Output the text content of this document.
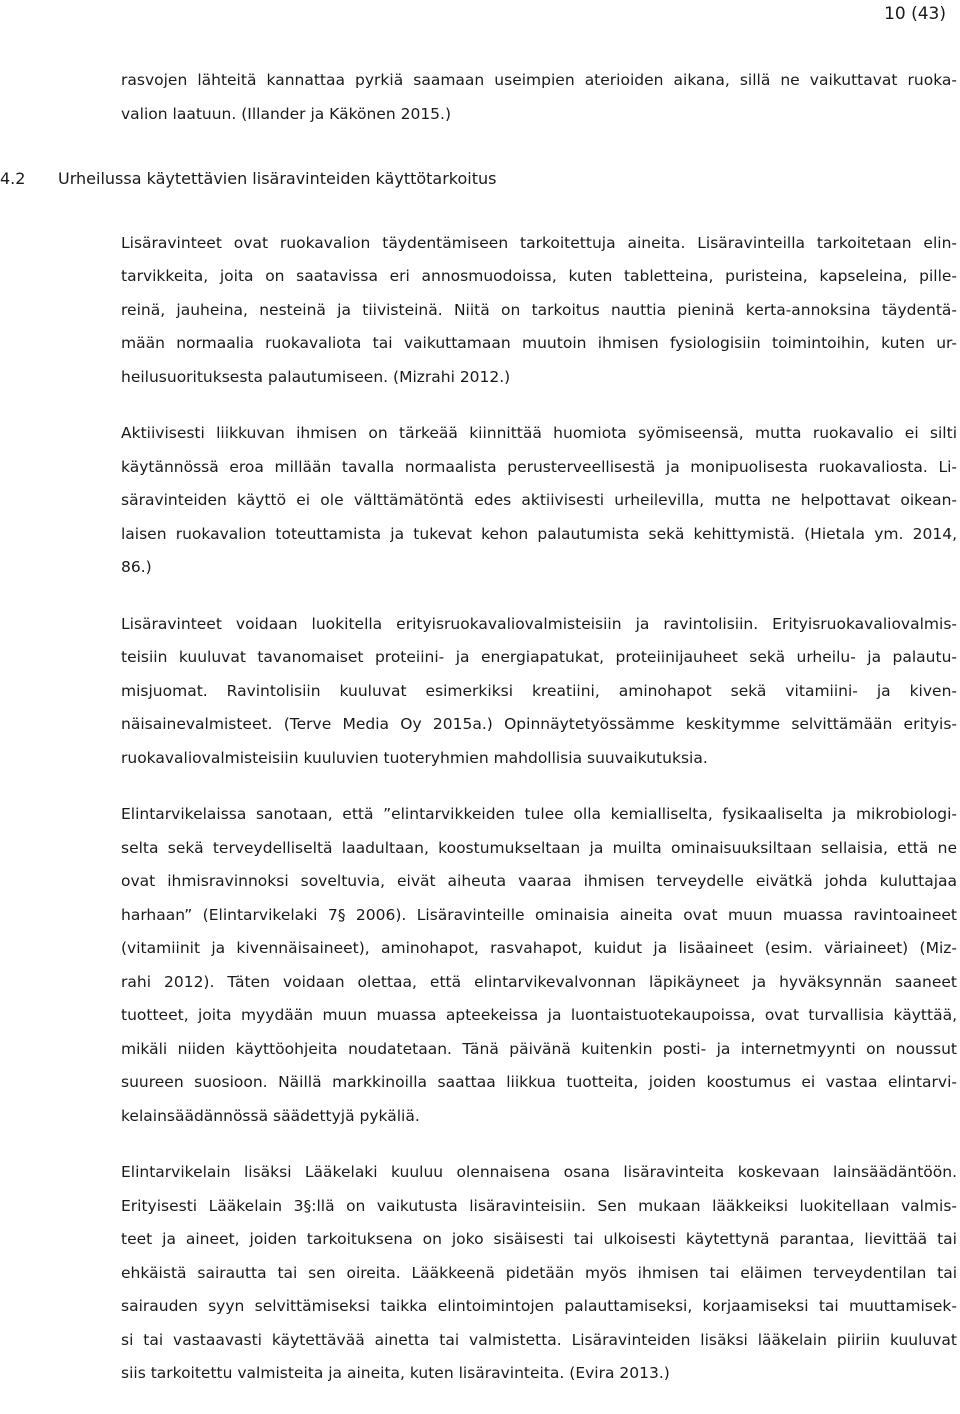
10 (43)
rasvojen lähteitä kannattaa pyrkiä saamaan useimpien aterioiden aikana, sillä ne vaikuttavat ruoka-
valion laatuun. (Illander ja Käkönen 2015.)
4.2 Urheilussa käytettävien lisäravinteiden käyttötarkoitus
Lisäravinteet ovat ruokavalion täydentämiseen tarkoitettuja aineita. Lisäravinteilla tarkoitetaan elin-
tarvikkeita, joita on saatavissa eri annosmuodoissa, kuten tabletteina, puristeina, kapseleina, pille-
reinä, jauheina, nesteinä ja tiivisteinä. Niitä on tarkoitus nauttia pieninä kerta-annoksina täydentä-
mään normaalia ruokavaliota tai vaikuttamaan muutoin ihmisen fysiologisiin toimintoihin, kuten ur-
heilusuorituksesta palautumiseen. (Mizrahi 2012.)
Aktiivisesti liikkuvan ihmisen on tärkeää kiinnittää huomiota syömiseensä, mutta ruokavalio ei silti
käytännössä eroa millään tavalla normaalista perusterveellisestä ja monipuolisesta ruokavaliosta. Li-
säravinteiden käyttö ei ole välttämätöntä edes aktiivisesti urheilevilla, mutta ne helpottavat oikean-
laisen ruokavalion toteuttamista ja tukevat kehon palautumista sekä kehittymistä. (Hietala ym. 2014,
86.)
Lisäravinteet voidaan luokitella erityisruokavaliovalmisteisiin ja ravintolisiin. Erityisruokavaliovalmis-
teisiin kuuluvat tavanomaiset proteiini- ja energiapatukat, proteiinijauheet sekä urheilu- ja palautu-
misjuomat. Ravintolisiin kuuluvat esimerkiksi kreatiini, aminohapot sekä vitamiini- ja kiven-
näisainevalmisteet. (Terve Media Oy 2015a.) Opinnäytetyössämme keskitymme selvittämään erityis-
ruokavaliovalmisteisiin kuuluvien tuoteryhmien mahdollisia suuvaikutuksia.
Elintarvikelaissa sanotaan, että ”elintarvikkeiden tulee olla kemialliselta, fysikaaliselta ja mikrobiologi-
selta sekä terveydelliseltä laadultaan, koostumukseltaan ja muilta ominaisuuksiltaan sellaisia, että ne
ovat ihmisravinnoksi soveltuvia, eivät aiheuta vaaraa ihmisen terveydelle eivätkä johda kuluttajaa
harhaan” (Elintarvikelaki 7§ 2006). Lisäravinteille ominaisia aineita ovat muun muassa ravintoaineet
(vitamiinit ja kivennäisaineet), aminohapot, rasvahapot, kuidut ja lisäaineet (esim. väriaineet) (Miz-
rahi 2012). Täten voidaan olettaa, että elintarvikevalvonnan läpikäyneet ja hyväksynnän saaneet
tuotteet, joita myydään muun muassa apteekeissa ja luontaistuotekaupoissa, ovat turvallisia käyttää,
mikäli niiden käyttöohjeita noudatetaan. Tänä päivänä kuitenkin posti- ja internetmyynti on noussut
suureen suosioon. Näillä markkinoilla saattaa liikkua tuotteita, joiden koostumus ei vastaa elintarvi-
kelainsäädännössä säädettyjä pykäliä.
Elintarvikelain lisäksi Lääkelaki kuuluu olennaisena osana lisäravinteita koskevaan lainsäädäntöön.
Erityisesti Lääkelain 3§:llä on vaikutusta lisäravinteisiin. Sen mukaan lääkkeiksi luokitellaan valmis-
teet ja aineet, joiden tarkoituksena on joko sisäisesti tai ulkoisesti käytettynä parantaa, lievittää tai
ehkäistä sairautta tai sen oireita. Lääkkeenä pidetään myös ihmisen tai eläimen terveydentilan tai
sairauden syyn selvittämiseksi taikka elintoimintojen palauttamiseksi, korjaamiseksi tai muuttamisek-
si tai vastaavasti käytettävää ainetta tai valmistetta. Lisäravinteiden lisäksi lääkelain piiriin kuuluvat
siis tarkoitettu valmisteita ja aineita, kuten lisäravinteita. (Evira 2013.)
